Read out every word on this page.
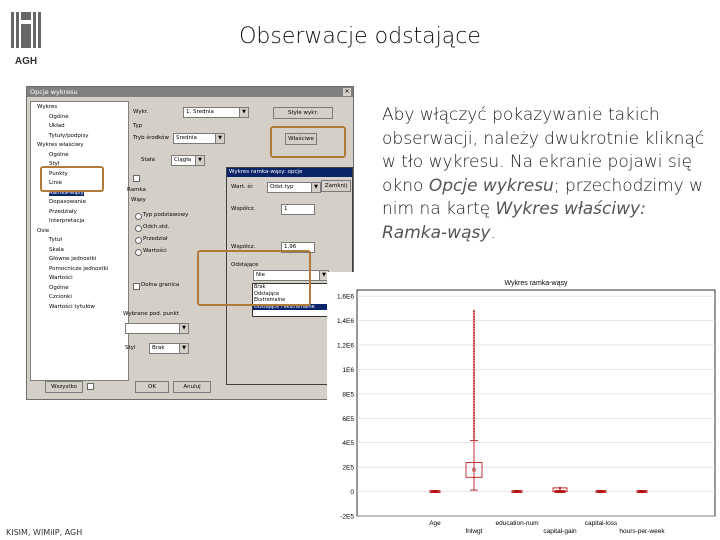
AGH
Obserwacje odstające
Opcje wykresu	✕
Wykres
Ogólne
Układ
Tytuły/podpisy
Wykres właściwy
Ogólne
Styl
Punkty
Linie
Ramka-wąsy
Dopasowanie
Przedziały
Interpretacja
Osie
Tytuł
Skala
Główne jednostki
Pomocnicze jednostki
Wartości
Ogólne
Czcionki
Wartości tytułów
Wykr.	1. Srednia	▼	Style wykr.
Typ
Tryb środków	Srednia	▼	Właściwe
Stała	Ciągła	▼
Ramka
Wąsy
Typ podstawowy
Odch.std.
Przedział
Wartości
Dolna granica
Wybrane pod. punkt
▼
Styl	Brak	▼
Wszystko	OK	Anuluj
Wykres ramka-wąsy: opcje
Wart. śr.	Odst.typ	▼	Zamknij
Współcz.	1
Współcz.	1,96
Odstające
Nie	▼
Brak
Odstające
Ekstremalne
Odstające i ekstremalne
Aby włączyć pokazywanie takich obserwacji, należy dwukrotnie kliknąć w tło wykresu. Na ekranie pojawi się okno Opcje wykresu; przechodzimy w nim na kartę Wykres właściwy: Ramka-wąsy.
Wykres ramka-wąsy
-2E5
0
2E5
4E5
6E5
8E5
1E6
1,2E6
1,4E6
1,6E6
Age	education-num	capital-loss
fnlwgt	capital-gain	hours-per-week
KISIM, WIMiIP, AGH
